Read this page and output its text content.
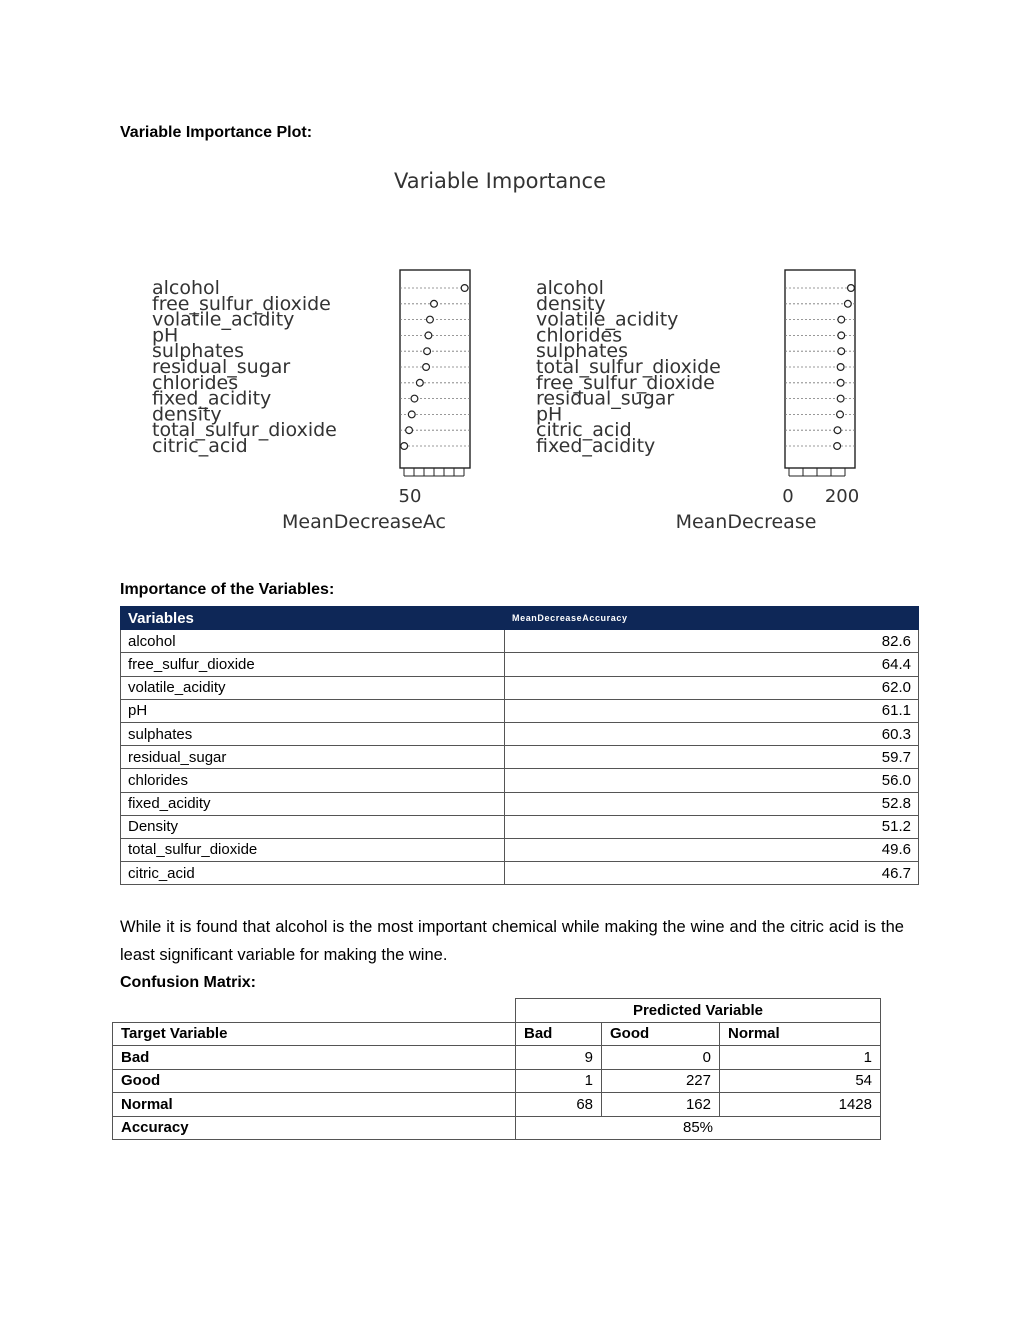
Variable Importance Plot:
Variable Importance
alcohol
free_sulfur_dioxide
volatile_acidity
pH
sulphates
residual_sugar
chlorides
fixed_acidity
density
total_sulfur_dioxide
citric_acid
50
MeanDecreaseAc
alcohol
density
volatile_acidity
chlorides
sulphates
total_sulfur_dioxide
free_sulfur_dioxide
residual_sugar
pH
citric_acid
fixed_acidity
0 200
MeanDecrease
Importance of the Variables:
Variables	MeanDecreaseAccuracy
alcohol	82.6
free_sulfur_dioxide	64.4
volatile_acidity	62.0
pH	61.1
sulphates	60.3
residual_sugar	59.7
chlorides	56.0
fixed_acidity	52.8
Density	51.2
total_sulfur_dioxide	49.6
citric_acid	46.7
While it is found that alcohol is the most important chemical while making the wine and the citric acid is the least significant variable for making the wine.
Confusion Matrix:
	Predicted Variable		
Target Variable	Bad	Good	Normal
Bad	9	0	1
Good	1	227	54
Normal	68	162	1428
Accuracy	85%		
